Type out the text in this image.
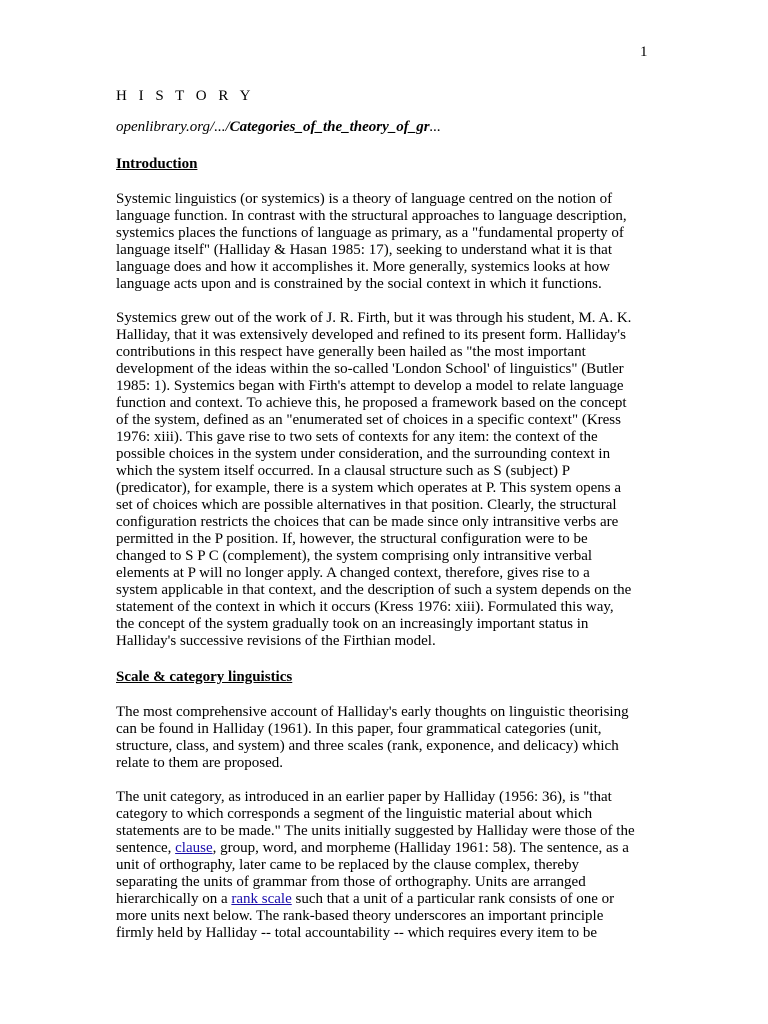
1
H I S T O R Y
openlibrary.org/.../Categories_of_the_theory_of_gr...
Introduction

Systemic linguistics (or systemics) is a theory of language centred on the notion of
language function. In contrast with the structural approaches to language description,
systemics places the functions of language as primary, as a "fundamental property of
language itself" (Halliday & Hasan 1985: 17), seeking to understand what it is that
language does and how it accomplishes it. More generally, systemics looks at how
language acts upon and is constrained by the social context in which it functions.

Systemics grew out of the work of J. R. Firth, but it was through his student, M. A. K.
Halliday, that it was extensively developed and refined to its present form. Halliday's
contributions in this respect have generally been hailed as "the most important
development of the ideas within the so-called 'London School' of linguistics" (Butler
1985: 1). Systemics began with Firth's attempt to develop a model to relate language
function and context. To achieve this, he proposed a framework based on the concept
of the system, defined as an "enumerated set of choices in a specific context" (Kress
1976: xiii). This gave rise to two sets of contexts for any item: the context of the
possible choices in the system under consideration, and the surrounding context in
which the system itself occurred. In a clausal structure such as S (subject) P
(predicator), for example, there is a system which operates at P. This system opens a
set of choices which are possible alternatives in that position. Clearly, the structural
configuration restricts the choices that can be made since only intransitive verbs are
permitted in the P position. If, however, the structural configuration were to be
changed to S P C (complement), the system comprising only intransitive verbal
elements at P will no longer apply. A changed context, therefore, gives rise to a
system applicable in that context, and the description of such a system depends on the
statement of the context in which it occurs (Kress 1976: xiii). Formulated this way,
the concept of the system gradually took on an increasingly important status in
Halliday's successive revisions of the Firthian model.

Scale & category linguistics

The most comprehensive account of Halliday's early thoughts on linguistic theorising
can be found in Halliday (1961). In this paper, four grammatical categories (unit,
structure, class, and system) and three scales (rank, exponence, and delicacy) which
relate to them are proposed.

The unit category, as introduced in an earlier paper by Halliday (1956: 36), is "that
category to which corresponds a segment of the linguistic material about which
statements are to be made." The units initially suggested by Halliday were those of the
sentence, clause, group, word, and morpheme (Halliday 1961: 58). The sentence, as a
unit of orthography, later came to be replaced by the clause complex, thereby
separating the units of grammar from those of orthography. Units are arranged
hierarchically on a rank scale such that a unit of a particular rank consists of one or
more units next below. The rank-based theory underscores an important principle
firmly held by Halliday -- total accountability -- which requires every item to be
